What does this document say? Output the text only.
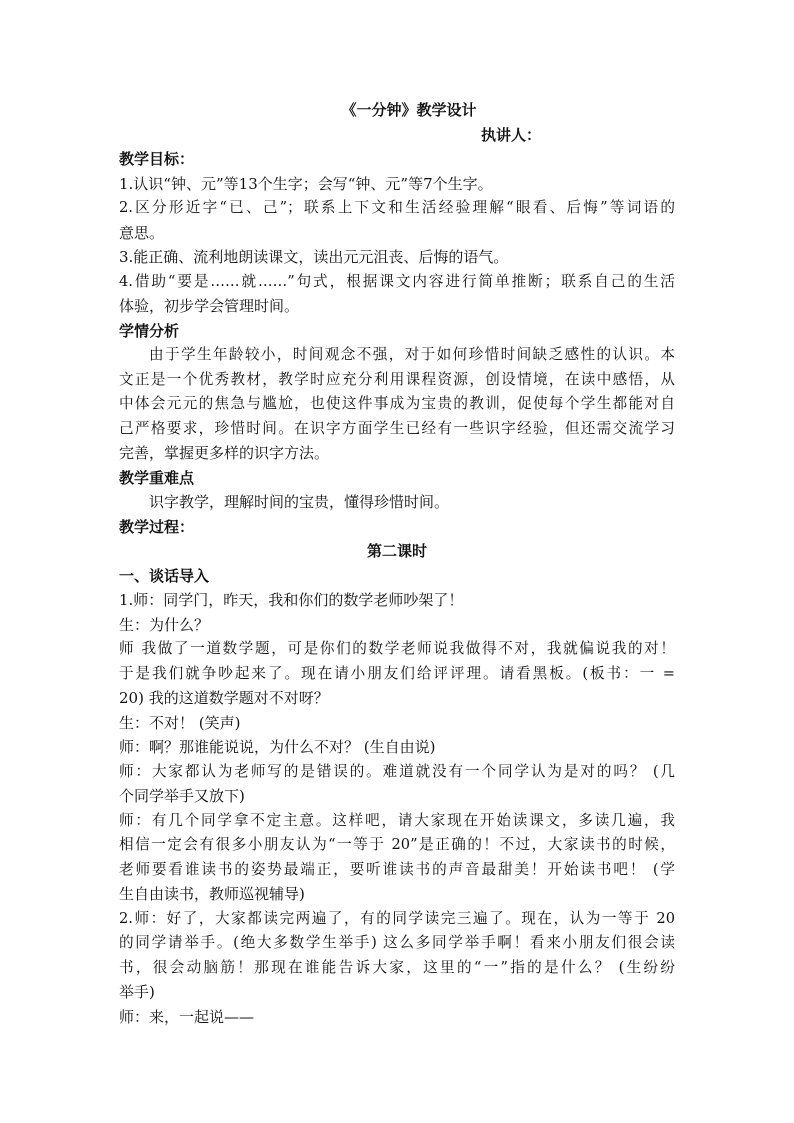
《一分钟》教学设计
执讲人：
教学目标：
1.认识“钟、元”等13个生字；会写“钟、元”等7个生字。
2.区分形近字“已、己”；联系上下文和生活经验理解“眼看、后悔”等词语的
意思。
3.能正确、流利地朗读课文，读出元元沮丧、后悔的语气。
4.借助“要是……就……”句式，根据课文内容进行简单推断；联系自己的生活
体验，初步学会管理时间。
学情分析
由于学生年龄较小，时间观念不强，对于如何珍惜时间缺乏感性的认识。本
文正是一个优秀教材，教学时应充分利用课程资源，创设情境，在读中感悟，从
中体会元元的焦急与尴尬，也使这件事成为宝贵的教训，促使每个学生都能对自
己严格要求，珍惜时间。在识字方面学生已经有一些识字经验，但还需交流学习
完善，掌握更多样的识字方法。
教学重难点
识字教学，理解时间的宝贵，懂得珍惜时间。
教学过程：
第二课时
一、谈话导入
1.师：同学门，昨天，我和你们的数学老师吵架了！
生：为什么？
师 我做了一道数学题，可是你们的数学老师说我做得不对，我就偏说我的对！
于是我们就争吵起来了。现在请小朋友们给评评理。请看黑板。(板书：一 =
20) 我的这道数学题对不对呀？
生：不对！ (笑声)
师：啊？那谁能说说，为什么不对？ (生自由说)
师：大家都认为老师写的是错误的。难道就没有一个同学认为是对的吗？ (几
个同学举手又放下)
师：有几个同学拿不定主意。这样吧，请大家现在开始读课文，多读几遍，我
相信一定会有很多小朋友认为“一等于 20”是正确的！不过，大家读书的时候，
老师要看谁读书的姿势最端正，要听谁读书的声音最甜美！开始读书吧！ (学
生自由读书，教师巡视辅导)
2.师：好了，大家都读完两遍了，有的同学读完三遍了。现在，认为一等于 20
的同学请举手。(绝大多数学生举手) 这么多同学举手啊！看来小朋友们很会读
书，很会动脑筋！那现在谁能告诉大家，这里的“一”指的是什么？ (生纷纷
举手)
师：来，一起说——
